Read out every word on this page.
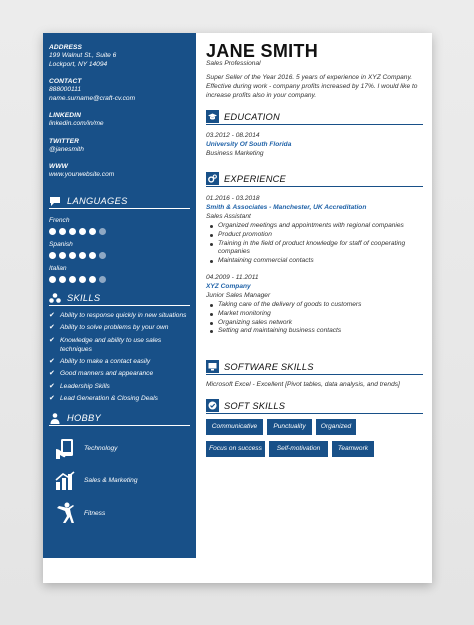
ADDRESS
199 Walnut St., Suite 6
Lockport, NY 14094
CONTACT
888000111
name.surname@craft-cv.com
LINKEDIN
linkedin.com/in/me
TWITTER
@janesmith
WWW
www.yourwebsite.com
LANGUAGES
French
Spanish
Italian
SKILLS
✔ Ability to response quickly in new situations
✔ Ability to solve problems by your own
✔ Knowledge and ability to use sales techniques
✔ Ability to make a contact easily
✔ Good manners and appearance
✔ Leadership Skills
✔ Lead Generation & Closing Deals
HOBBY
Technology
Sales & Marketing
Fitness
JANE SMITH
Sales Professional
Super Seller of the Year 2016. 5 years of experience in XYZ Company. Effective during work - company profits increased by 17%. I would like to increase profits also in your company.
EDUCATION
03.2012 - 08.2014
University Of South Florida
Business Marketing
EXPERIENCE
01.2016 - 03.2018
Smith & Associates - Manchester, UK Accreditation
Sales Assistant
Organized meetings and appointments with regional companies
Product promotion
Training in the field of product knowledge for staff of cooperating companies
Maintaining commercial contacts
04.2009 - 11.2011
XYZ Company
Junior Sales Manager
Taking care of the delivery of goods to customers
Market monitoring
Organizing sales network
Setting and maintaining business contacts
SOFTWARE SKILLS
Microsoft Excel - Excellent [Pivot tables, data analysis, and trends]
SOFT SKILLS
Communicative	Punctuality	Organized
Focus on success	Self-motivation	Teamwork
